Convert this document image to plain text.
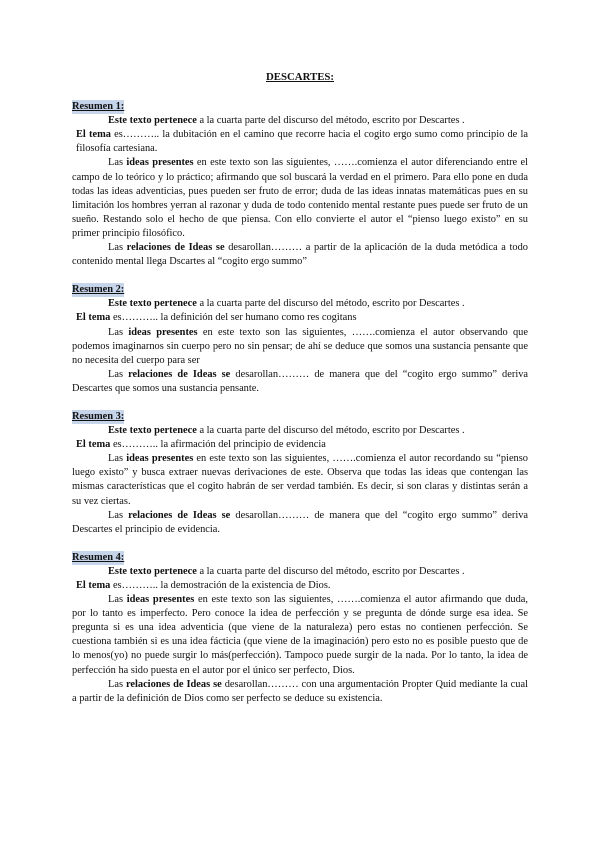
DESCARTES:
Resumen 1:

Este texto pertenece a la cuarta parte del discurso del método, escrito por Descartes .

El tema es……….. la dubitación en el camino que recorre hacia el cogito ergo sumo como principio de la filosofía cartesiana.

Las ideas presentes en este texto son las siguientes, …….comienza el autor diferenciando entre el campo de lo teórico y lo práctico; afirmando que sol buscará la verdad en el primero. Para ello pone en duda todas las ideas adventicias, pues pueden ser fruto de error; duda de las ideas innatas matemáticas pues en su limitación los hombres yerran al razonar y duda de todo contenido mental restante pues puede ser fruto de un sueño. Restando solo el hecho de que piensa. Con ello convierte el autor el “pienso luego existo” en su primer principio filosófico.

Las relaciones de Ideas se desarollan……… a partir de la aplicación de la duda metódica a todo contenido mental llega Dscartes al “cogito ergo summo”

Resumen 2:

Este texto pertenece a la cuarta parte del discurso del método, escrito por Descartes .

El tema es……….. la definición del ser humano como res cogitans

Las ideas presentes en este texto son las siguientes, …….comienza el autor observando que podemos imaginarnos sin cuerpo pero no sin pensar; de ahí se deduce que somos una sustancia pensante que no necesita del cuerpo para ser

Las relaciones de Ideas se desarollan……… de manera que del “cogito ergo summo” deriva Descartes que somos una sustancia pensante.

Resumen 3:

Este texto pertenece a la cuarta parte del discurso del método, escrito por Descartes .

El tema es……….. la afirmación del principio de evidencia

Las ideas presentes en este texto son las siguientes, …….comienza el autor recordando su “pienso luego existo” y busca extraer nuevas derivaciones de este. Observa que todas las ideas que contengan las mismas características que el cogito habrán de ser verdad también. Es decir, si son claras y distintas serán a su vez ciertas.

Las relaciones de Ideas se desarollan……… de manera que del “cogito ergo summo” deriva Descartes el principio de evidencia.

Resumen 4:

Este texto pertenece a la cuarta parte del discurso del método, escrito por Descartes .

El tema es……….. la demostración de la existencia de Dios.

Las ideas presentes en este texto son las siguientes, …….comienza el autor afirmando que duda, por lo tanto es imperfecto. Pero conoce la idea de perfección y se pregunta de dónde surge esa idea. Se pregunta si es una idea adventicia (que viene de la naturaleza) pero estas no contienen perfección. Se cuestiona también si es una idea fácticia (que viene de la imaginación) pero esto no es posible puesto que de lo menos(yo) no puede surgir lo más(perfección). Tampoco puede surgir de la nada. Por lo tanto, la idea de perfección ha sido puesta en el autor por el único ser perfecto, Dios.

Las relaciones de Ideas se desarollan……… con una argumentación Propter Quid mediante la cual a partir de la definición de Dios como ser perfecto se deduce su existencia.
